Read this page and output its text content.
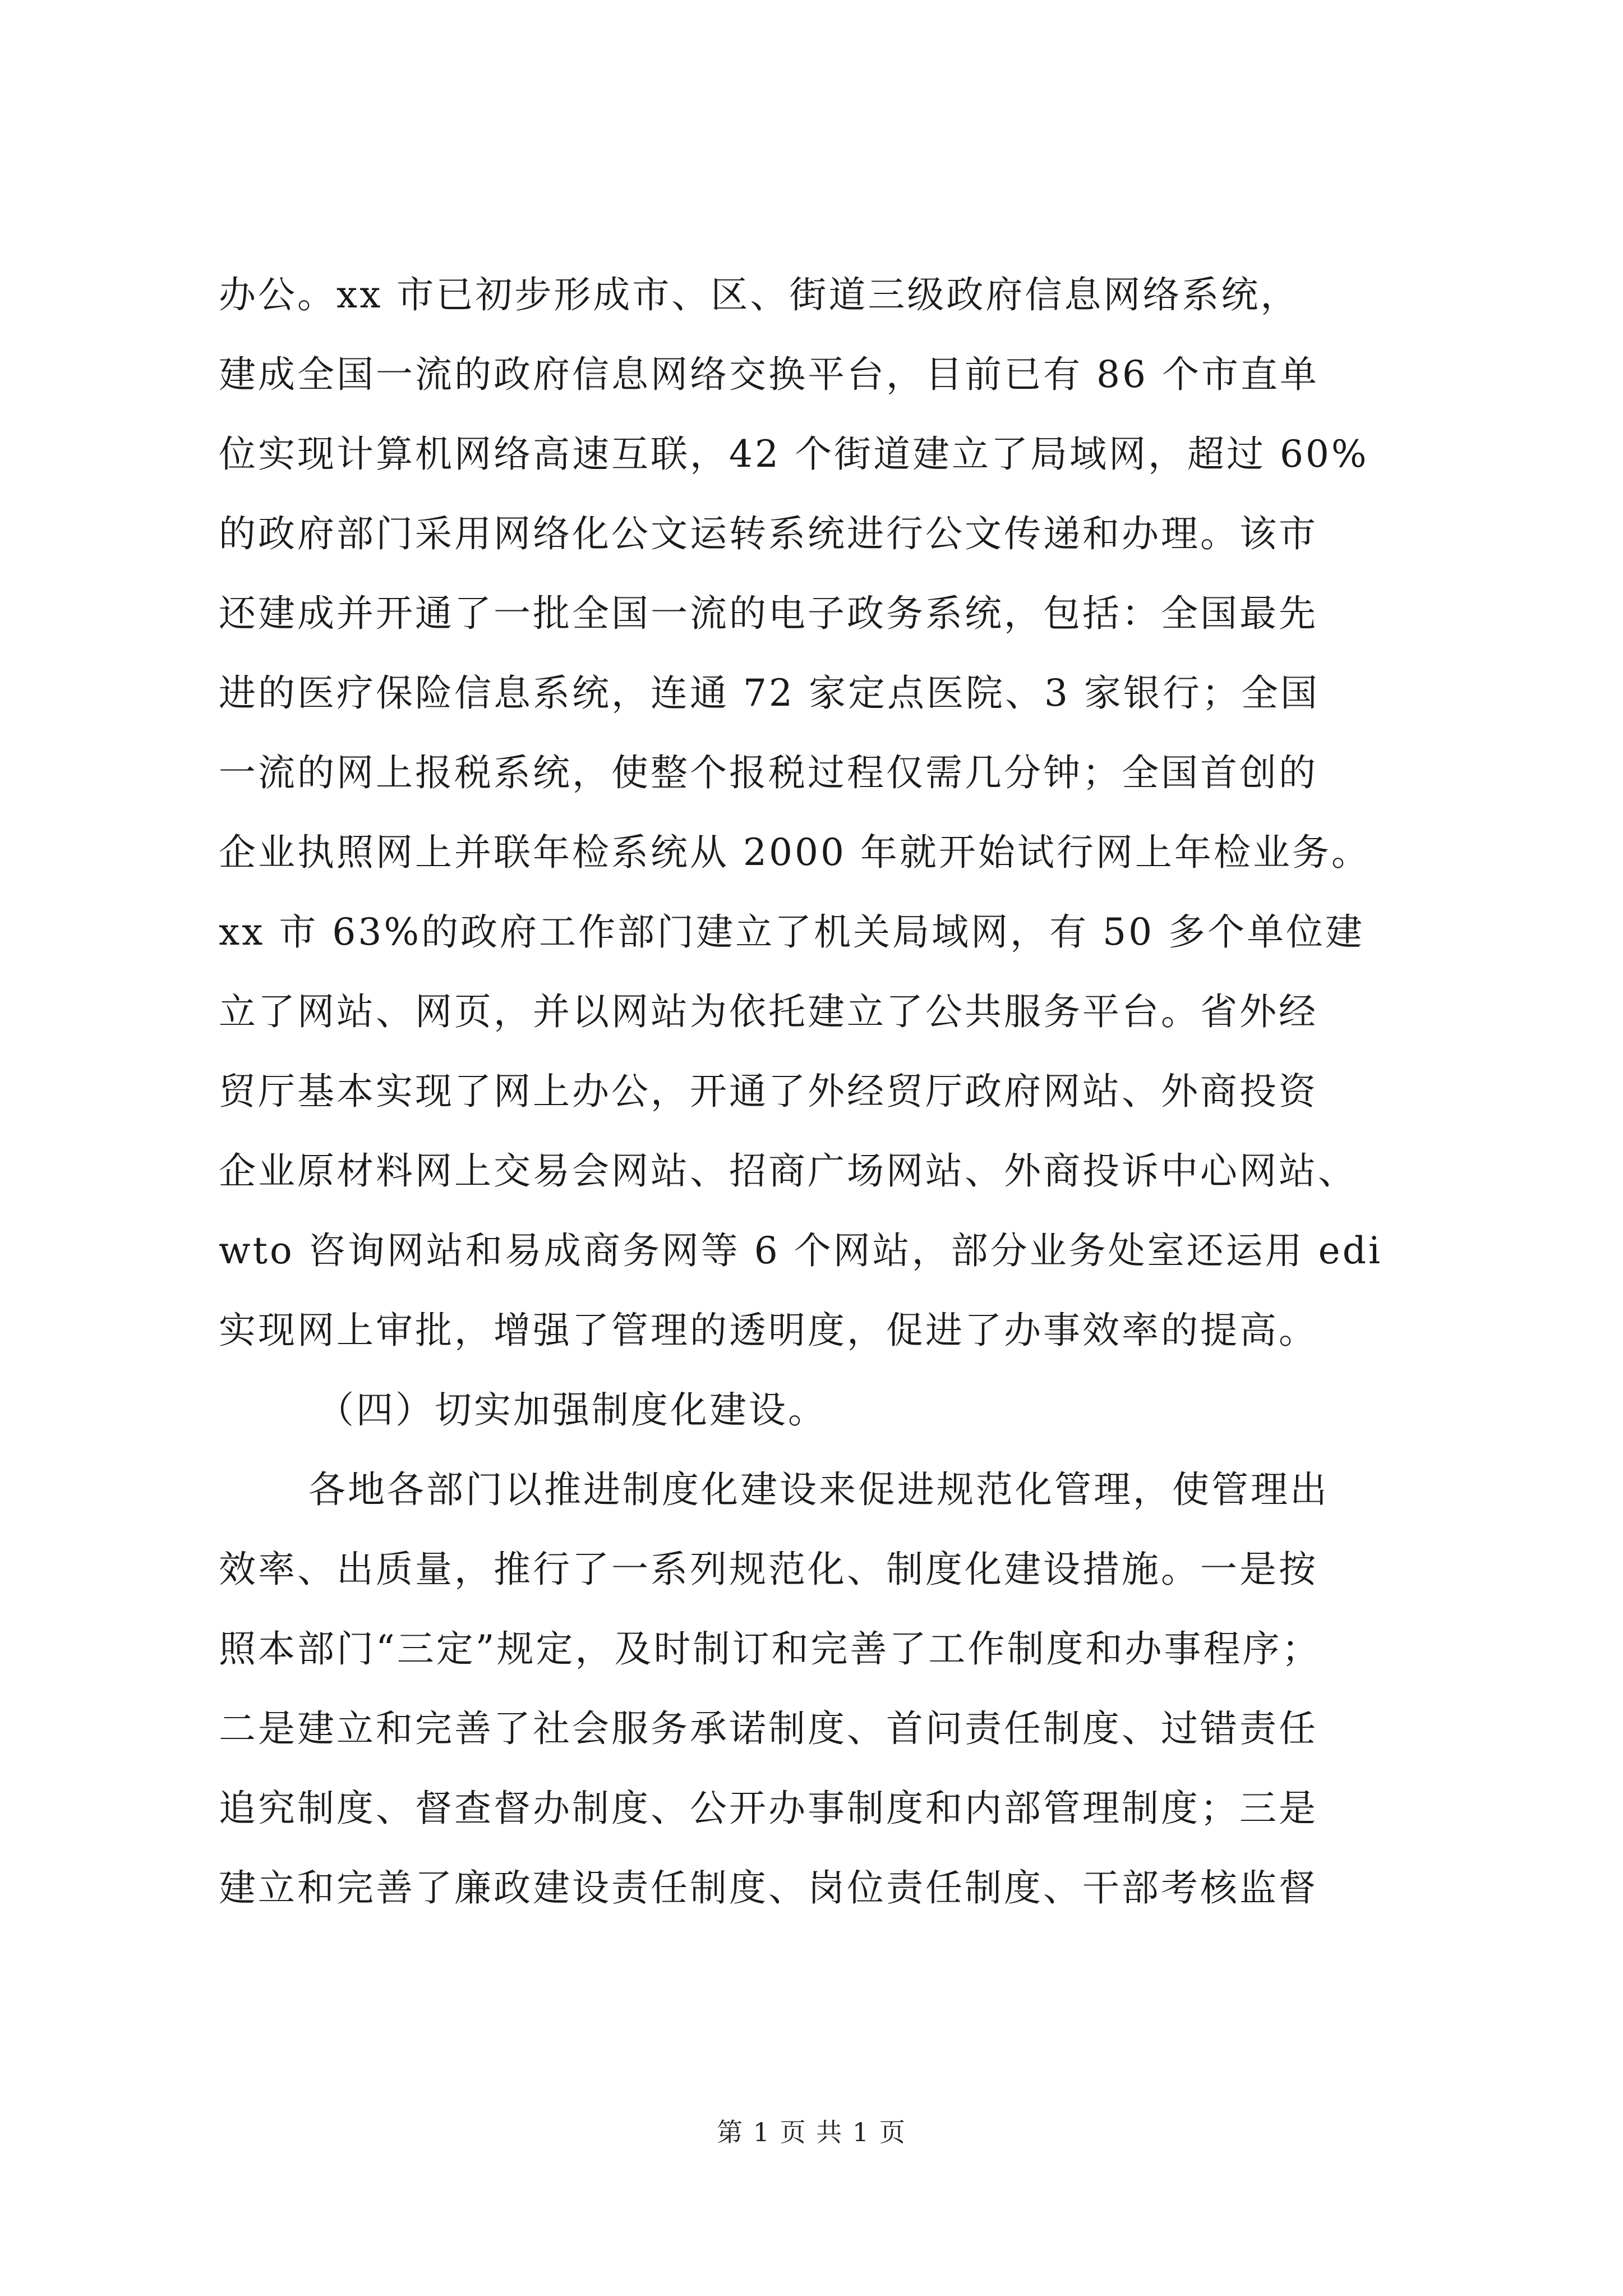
办公。xx 市已初步形成市、区、街道三级政府信息网络系统，
建成全国一流的政府信息网络交换平台，目前已有 86 个市直单
位实现计算机网络高速互联，42 个街道建立了局域网，超过 60%
的政府部门采用网络化公文运转系统进行公文传递和办理。该市
还建成并开通了一批全国一流的电子政务系统，包括：全国最先
进的医疗保险信息系统，连通 72 家定点医院、3 家银行；全国
一流的网上报税系统，使整个报税过程仅需几分钟；全国首创的
企业执照网上并联年检系统从 2000 年就开始试行网上年检业务。
xx 市 63%的政府工作部门建立了机关局域网，有 50 多个单位建
立了网站、网页，并以网站为依托建立了公共服务平台。省外经
贸厅基本实现了网上办公，开通了外经贸厅政府网站、外商投资
企业原材料网上交易会网站、招商广场网站、外商投诉中心网站、
wto 咨询网站和易成商务网等 6 个网站，部分业务处室还运用 edi
实现网上审批，增强了管理的透明度，促进了办事效率的提高。
（四）切实加强制度化建设。
各地各部门以推进制度化建设来促进规范化管理，使管理出
效率、出质量，推行了一系列规范化、制度化建设措施。一是按
照本部门“三定”规定，及时制订和完善了工作制度和办事程序；
二是建立和完善了社会服务承诺制度、首问责任制度、过错责任
追究制度、督查督办制度、公开办事制度和内部管理制度；三是
建立和完善了廉政建设责任制度、岗位责任制度、干部考核监督
第 1 页 共 1 页
